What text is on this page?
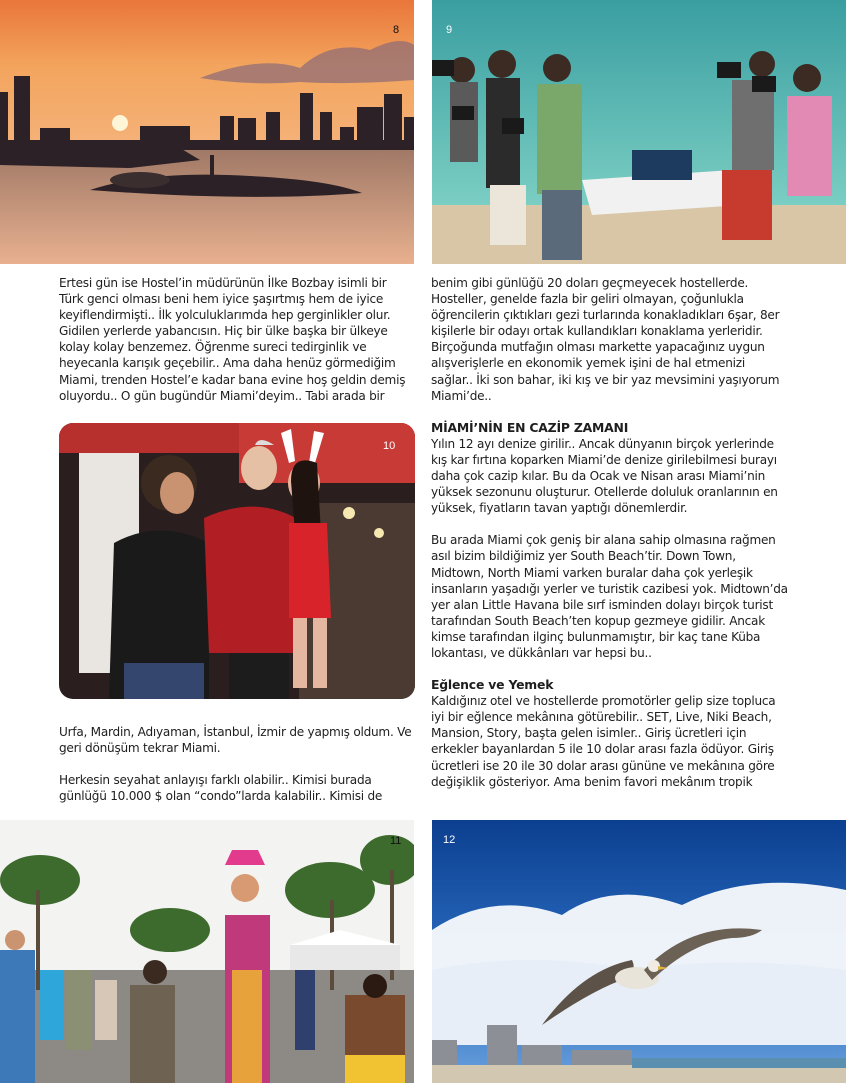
8	9

Ertesi gün ise Hostel’in müdürünün İlke Bozbay isimli bir
Türk genci olması beni hem iyice şaşırtmış hem de iyice
keyiflendirmişti.. İlk yolculuklarımda hep gerginlikler olur.
Gidilen yerlerde yabancısın. Hiç bir ülke başka bir ülkeye
kolay kolay benzemez. Öğrenme sureci tedirginlik ve
heyecanla karışık geçebilir.. Ama daha henüz görmediğim
Miami, trenden Hostel’e kadar bana evine hoş geldin demiş
oluyordu.. O gün bugündür Miami’deyim.. Tabi arada bir

10

Urfa, Mardin, Adıyaman, İstanbul, İzmir de yapmış oldum. Ve
geri dönüşüm tekrar Miami.

Herkesin seyahat anlayışı farklı olabilir.. Kimisi burada
günlüğü 10.000 $ olan “condo”larda kalabilir.. Kimisi de

benim gibi günlüğü 20 doları geçmeyecek hostellerde.
Hosteller, genelde fazla bir geliri olmayan, çoğunlukla
öğrencilerin çıktıkları gezi turlarında konakladıkları 6şar, 8er
kişilerle bir odayı ortak kullandıkları konaklama yerleridir.
Birçoğunda mutfağın olması markette yapacağınız uygun
alışverişlerle en ekonomik yemek işini de hal etmenizi
sağlar.. İki son bahar, iki kış ve bir yaz mevsimini yaşıyorum
Miami’de..

MİAMİ’NİN EN CAZİP ZAMANI

Yılın 12 ayı denize girilir.. Ancak dünyanın birçok yerlerinde
kış kar fırtına koparken Miami’de denize girilebilmesi burayı
daha çok cazip kılar. Bu da Ocak ve Nisan arası Miami’nin
yüksek sezonunu oluşturur. Otellerde doluluk oranlarının en
yüksek, fiyatların tavan yaptığı dönemlerdir.

Bu arada Miami çok geniş bir alana sahip olmasına rağmen
asıl bizim bildiğimiz yer South Beach’tir. Down Town,
Midtown, North Miami varken buralar daha çok yerleşik
insanların yaşadığı yerler ve turistik cazibesi yok. Midtown’da
yer alan Little Havana bile sırf isminden dolayı birçok turist
tarafından South Beach’ten kopup gezmeye gidilir. Ancak
kimse tarafından ilginç bulunmamıştır, bir kaç tane Küba
lokantası, ve dükkânları var hepsi bu..

Eğlence ve Yemek

Kaldığınız otel ve hostellerde promotörler gelip size topluca
iyi bir eğlence mekânına götürebilir.. SET, Live, Niki Beach,
Mansion, Story, başta gelen isimler.. Giriş ücretleri için
erkekler bayanlardan 5 ile 10 dolar arası fazla ödüyor. Giriş
ücretleri ise 20 ile 30 dolar arası gününe ve mekânına göre
değişiklik gösteriyor. Ama benim favori mekânım tropik

11	12
